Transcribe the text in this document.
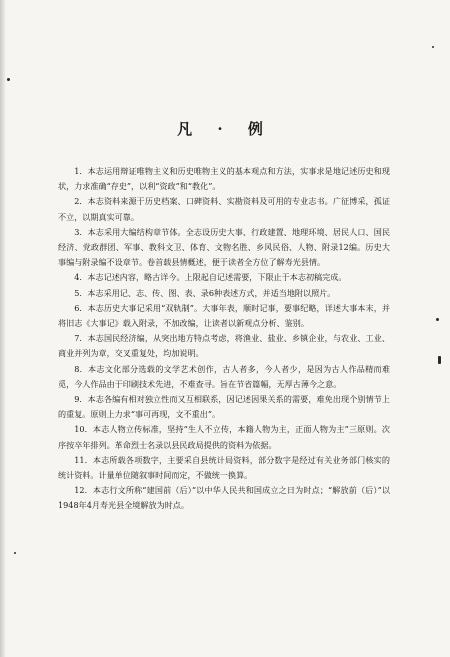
凡 · 例

1．本志运用辩证唯物主义和历史唯物主义的基本观点和方法，实事求是地记述历史和现状，力求准确“存史”，以利“资政”和“教化”。

2．本志资料来源于历史档案、口碑资料、实勘资料及可用的专业志书。广征博采，孤证不立，以期真实可靠。

3．本志采用大编结构章节体。全志设历史大事、行政建置、地理环境、居民人口、国民经济、党政群团、军事、教科文卫、体育、文物名胜、乡风民俗、人物、附录12编。历史大事编与附录编不设章节。卷首载县情概述，便于读者全方位了解寿光县情。

4．本志记述内容，略古详今。上限起自记述需要，下限止于本志初稿完成。

5．本志采用记、志、传、图、表、录6种表述方式，并适当地附以照片。

6．本志历史大事记采用“双轨制”。大事年表，顺时记事，要事纪略，详述大事本末，并将旧志《大事记》载入附录，不加改编，让读者以新观点分析、鉴别。

7．本志国民经济编，从突出地方特点考虑，将渔业、盐业、乡镇企业，与农业、工业、商业并列为章，交叉重复处，均加说明。

8．本志文化部分选载的文学艺术创作，古人者多，今人者少，是因为古人作品精而难觅，今人作品由于印刷技术先进，不难查寻。旨在节省篇幅，无厚古薄今之意。

9．本志各编有相对独立性而又互相联系，因记述因果关系的需要，难免出现个别情节上的重复。原则上力求“事可再现，文不重出”。

10．本志人物立传标准，坚持“生人不立传，本籍人物为主，正面人物为主”三原则。次序按卒年排列。革命烈士名录以县民政局提供的资料为依据。

11．本志所载各项数字，主要采自县统计局资料，部分数字是经过有关业务部门核实的统计资料。计量单位随叙事时间而定，不做统一换算。

12．本志行文所称“建国前（后）”以中华人民共和国成立之日为时点；“解放前（后）”以1948年4月寿光县全境解放为时点。
